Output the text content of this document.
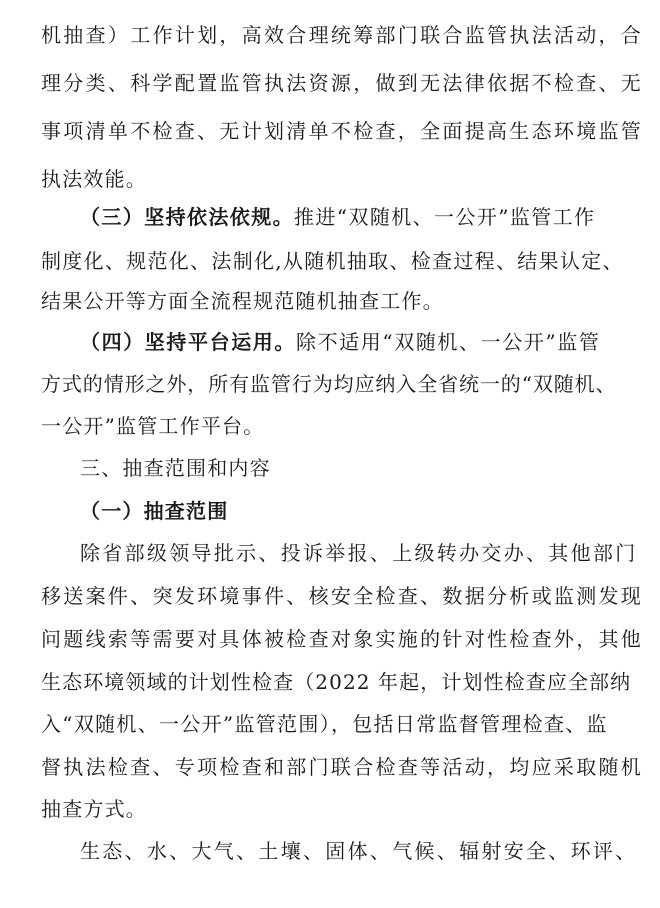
机抽查）工作计划，高效合理统筹部门联合监管执法活动，合
理分类、科学配置监管执法资源，做到无法律依据不检查、无
事项清单不检查、无计划清单不检查，全面提高生态环境监管
执法效能。
（三）坚持依法依规。推进“双随机、一公开”监管工作
制度化、规范化、法制化,从随机抽取、检查过程、结果认定、
结果公开等方面全流程规范随机抽查工作。
（四）坚持平台运用。除不适用“双随机、一公开”监管
方式的情形之外，所有监管行为均应纳入全省统一的“双随机、
一公开”监管工作平台。
三、抽查范围和内容
（一）抽查范围
除省部级领导批示、投诉举报、上级转办交办、其他部门
移送案件、突发环境事件、核安全检查、数据分析或监测发现
问题线索等需要对具体被检查对象实施的针对性检查外，其他
生态环境领域的计划性检查（2022 年起，计划性检查应全部纳
入“双随机、一公开”监管范围），包括日常监督管理检查、监
督执法检查、专项检查和部门联合检查等活动，均应采取随机
抽查方式。
生态、水、大气、土壤、固体、气候、辐射安全、环评、
